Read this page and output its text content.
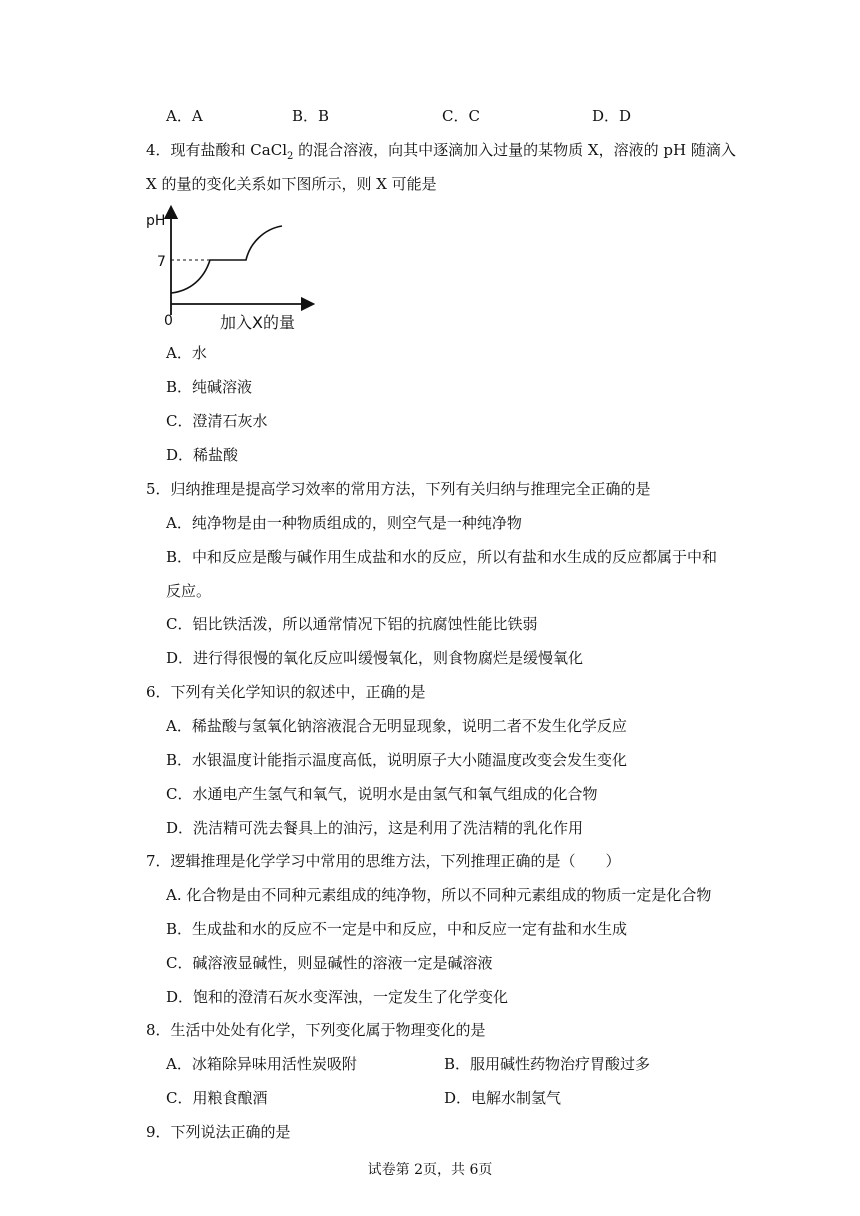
A．A	B．B	C．C	D．D
4．现有盐酸和 CaCl$_2$ 的混合溶液，向其中逐滴加入过量的某物质 X，溶液的 pH 随滴入
X 的量的变化关系如下图所示，则 X 可能是
pH
7
0	加入X的量
A．水
B．纯碱溶液
C．澄清石灰水
D．稀盐酸
5．归纳推理是提高学习效率的常用方法，下列有关归纳与推理完全正确的是
A．纯净物是由一种物质组成的，则空气是一种纯净物
B．中和反应是酸与碱作用生成盐和水的反应，所以有盐和水生成的反应都属于中和
反应。
C．铝比铁活泼，所以通常情况下铝的抗腐蚀性能比铁弱
D．进行得很慢的氧化反应叫缓慢氧化，则食物腐烂是缓慢氧化
6．下列有关化学知识的叙述中，正确的是
A．稀盐酸与氢氧化钠溶液混合无明显现象，说明二者不发生化学反应
B．水银温度计能指示温度高低，说明原子大小随温度改变会发生变化
C．水通电产生氢气和氧气，说明水是由氢气和氧气组成的化合物
D．洗洁精可洗去餐具上的油污，这是利用了洗洁精的乳化作用
7．逻辑推理是化学学习中常用的思维方法，下列推理正确的是（　　）
A. 化合物是由不同种元素组成的纯净物，所以不同种元素组成的物质一定是化合物
B．生成盐和水的反应不一定是中和反应，中和反应一定有盐和水生成
C．碱溶液显碱性，则显碱性的溶液一定是碱溶液
D．饱和的澄清石灰水变浑浊，一定发生了化学变化
8．生活中处处有化学，下列变化属于物理变化的是
A．冰箱除异味用活性炭吸附	B．服用碱性药物治疗胃酸过多
C．用粮食酿酒	D．电解水制氢气
9．下列说法正确的是
试卷第 2页，共 6页
